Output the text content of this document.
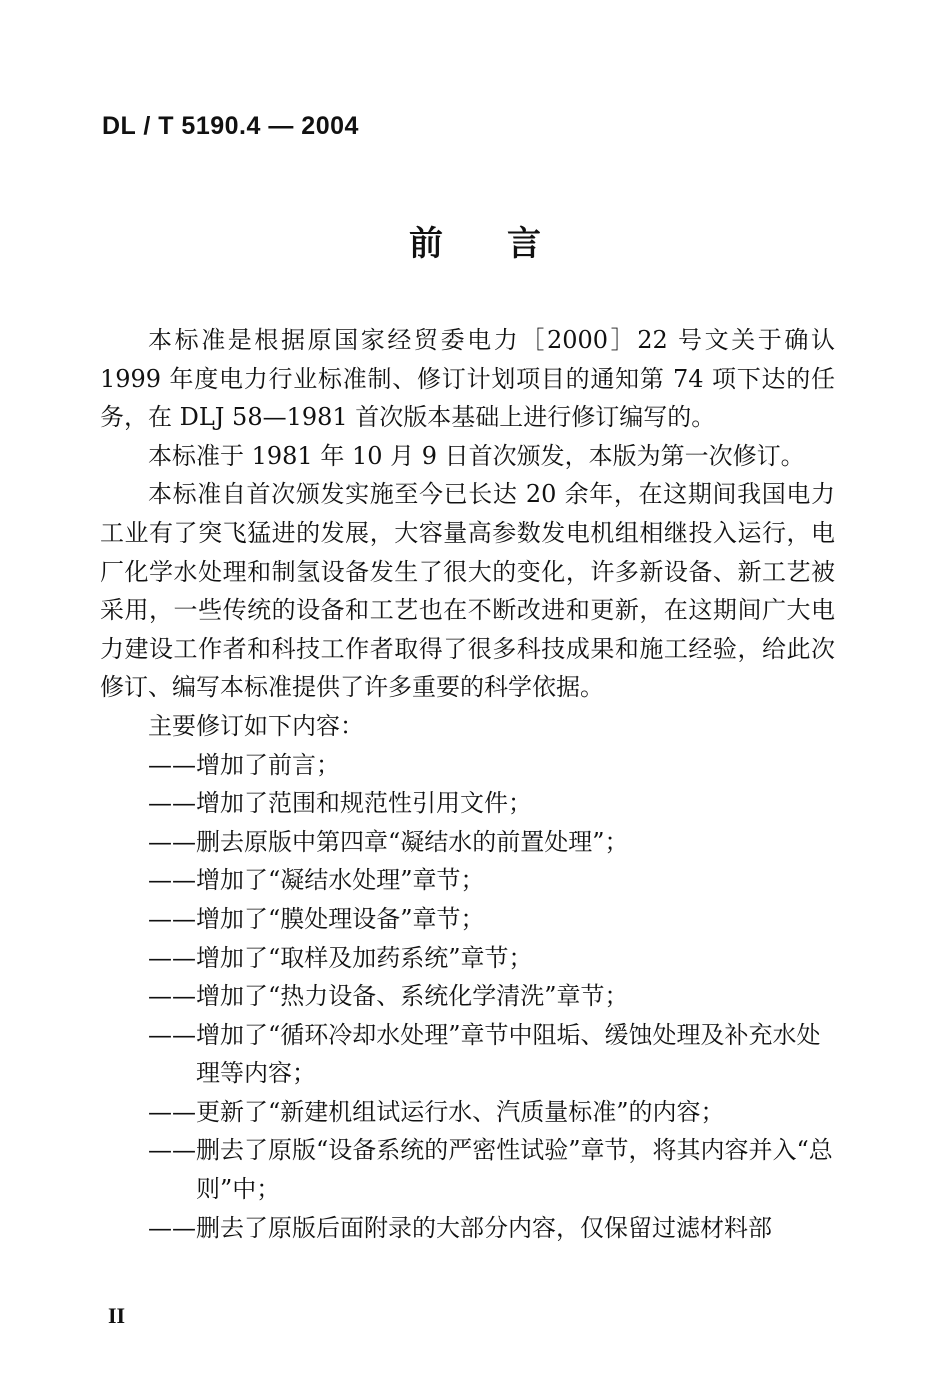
DL / T 5190.4 — 2004
前言

本标准是根据原国家经贸委电力［2000］22 号文关于确认 1999 年度电力行业标准制、修订计划项目的通知第 74 项下达的任务，在 DLJ 58—1981 首次版本基础上进行修订编写的。

本标准于 1981 年 10 月 9 日首次颁发，本版为第一次修订。

本标准自首次颁发实施至今已长达 20 余年，在这期间我国电力工业有了突飞猛进的发展，大容量高参数发电机组相继投入运行，电厂化学水处理和制氢设备发生了很大的变化，许多新设备、新工艺被采用，一些传统的设备和工艺也在不断改进和更新，在这期间广大电力建设工作者和科技工作者取得了很多科技成果和施工经验，给此次修订、编写本标准提供了许多重要的科学依据。

主要修订如下内容：

——增加了前言；

——增加了范围和规范性引用文件；

——删去原版中第四章“凝结水的前置处理”；

——增加了“凝结水处理”章节；

——增加了“膜处理设备”章节；

——增加了“取样及加药系统”章节；

——增加了“热力设备、系统化学清洗”章节；

——增加了“循环冷却水处理”章节中阻垢、缓蚀处理及补充水处理等内容；

——更新了“新建机组试运行水、汽质量标准”的内容；

——删去了原版“设备系统的严密性试验”章节，将其内容并入“总则”中；

——删去了原版后面附录的大部分内容，仅保留过滤材料部

II
